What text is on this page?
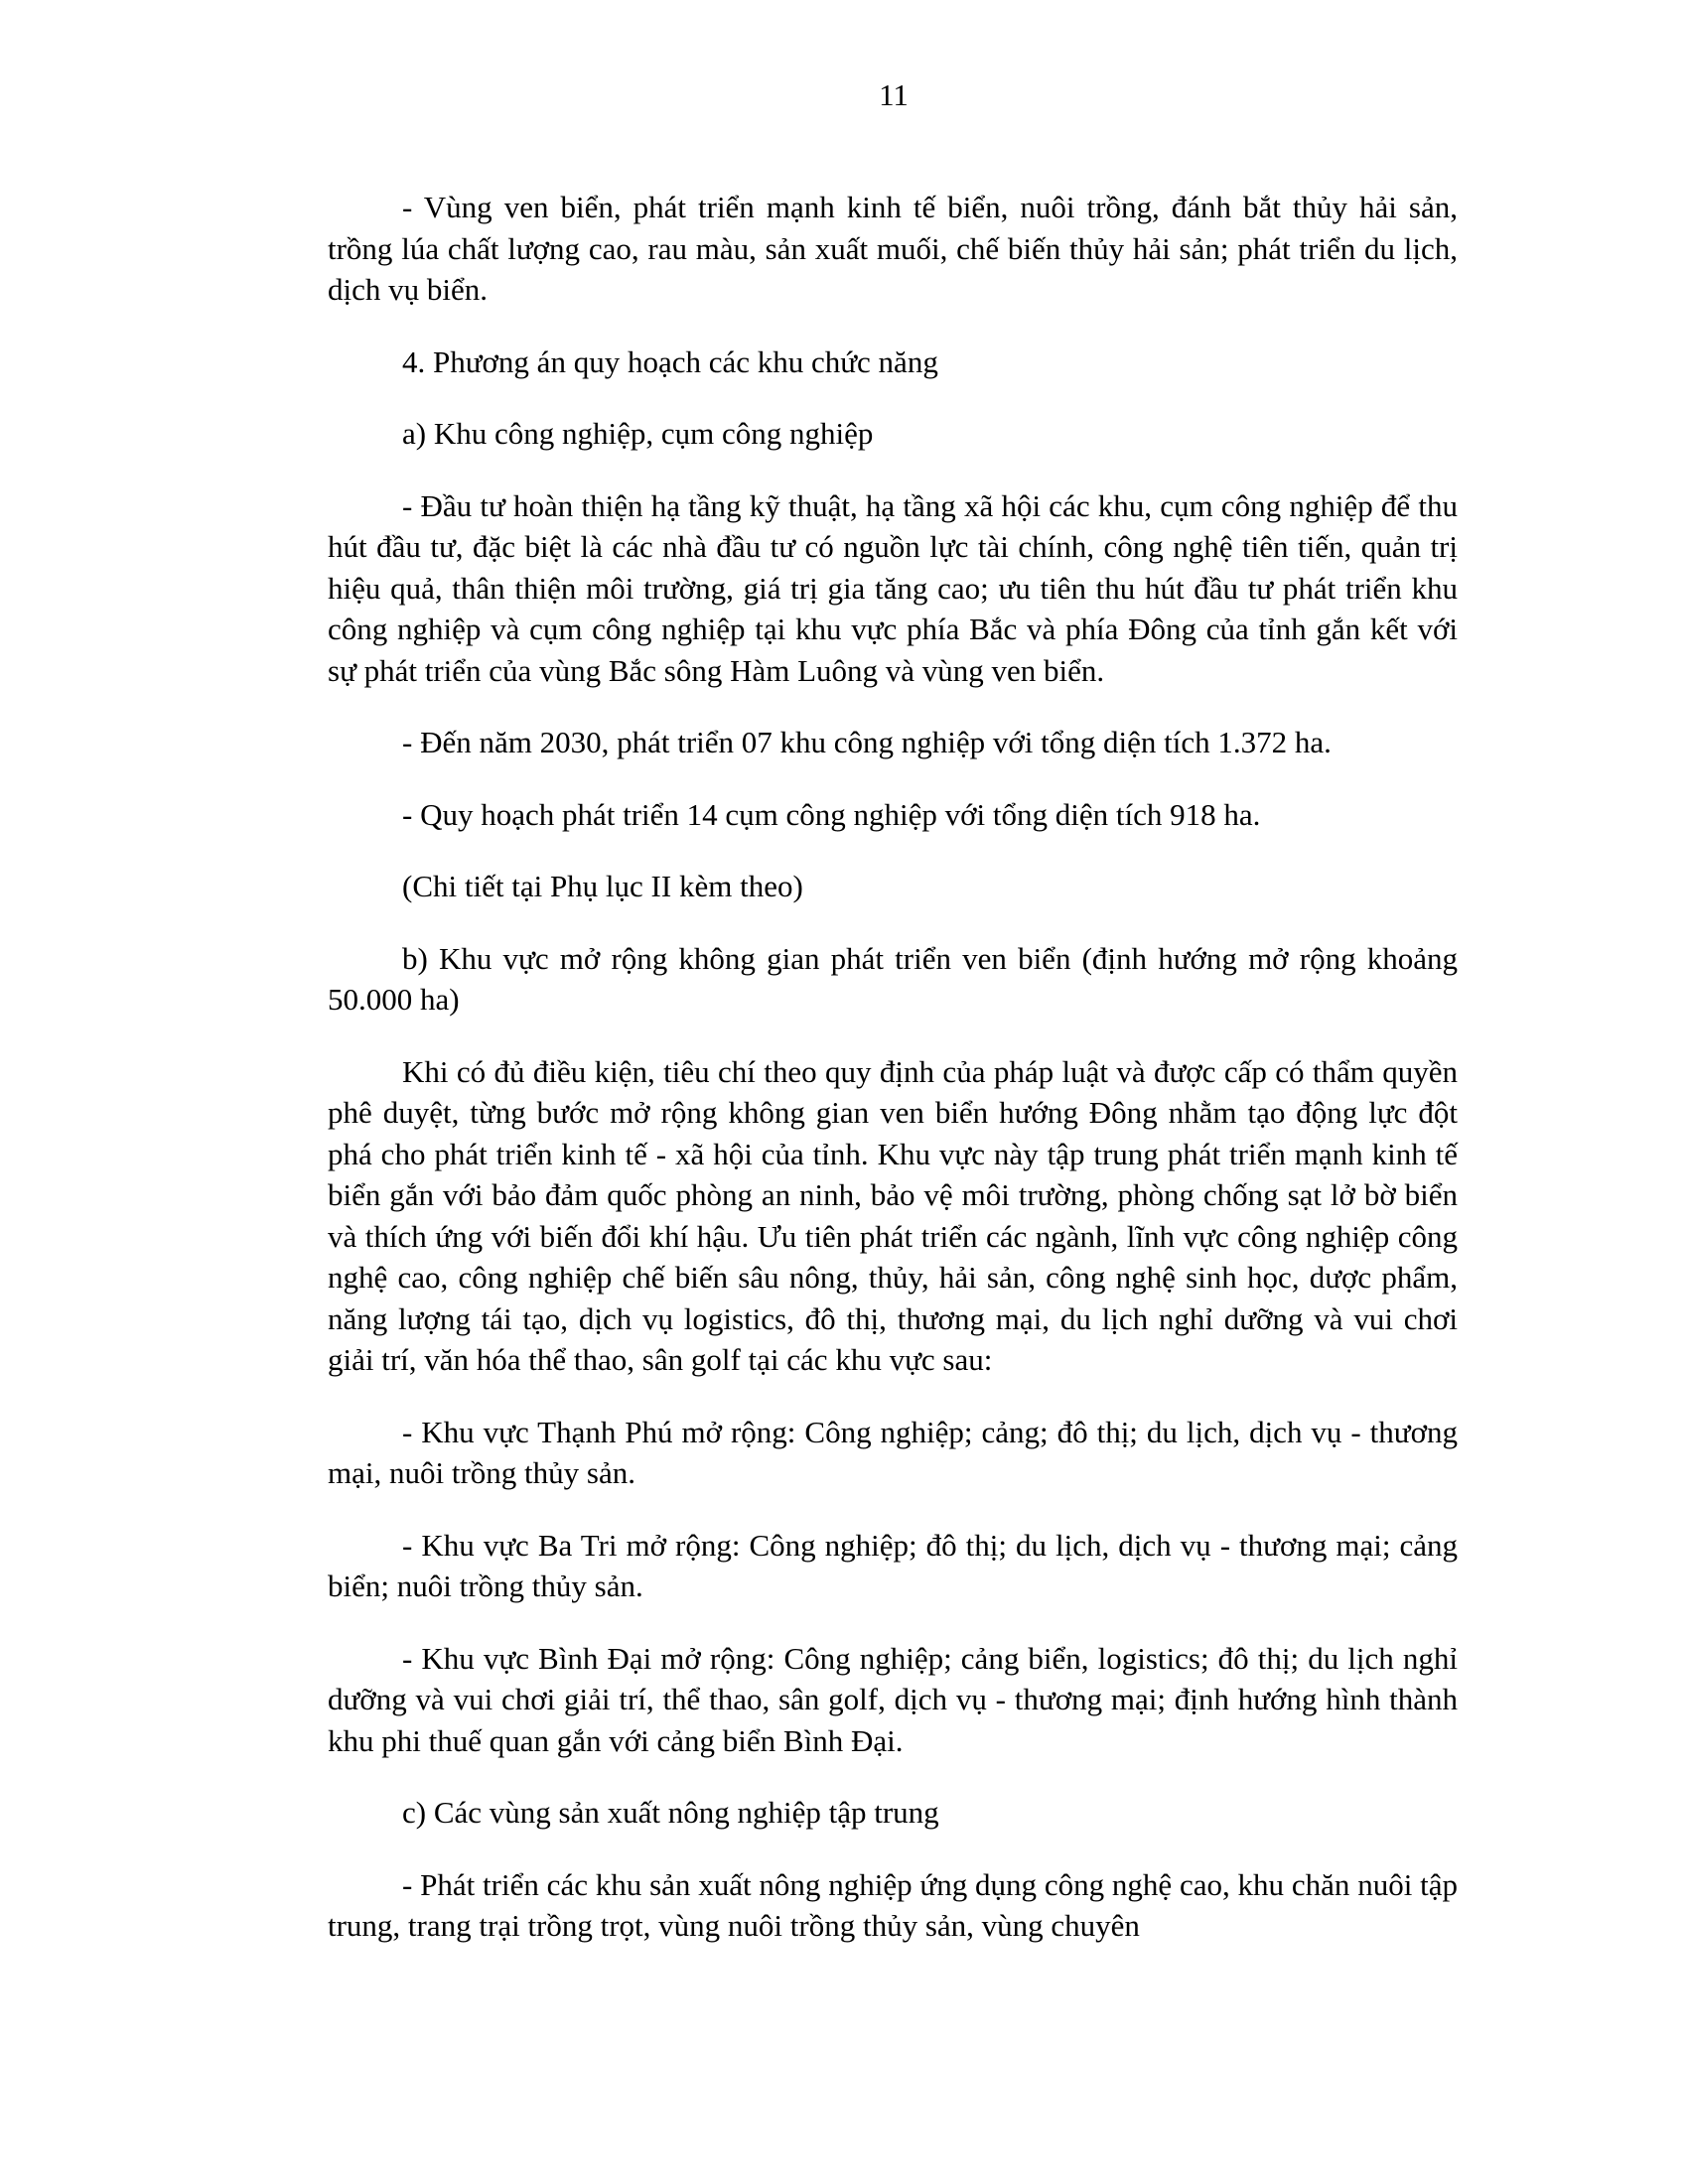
11

- Vùng ven biển, phát triển mạnh kinh tế biển, nuôi trồng, đánh bắt thủy hải sản, trồng lúa chất lượng cao, rau màu, sản xuất muối, chế biến thủy hải sản; phát triển du lịch, dịch vụ biển.

4. Phương án quy hoạch các khu chức năng

a) Khu công nghiệp, cụm công nghiệp

- Đầu tư hoàn thiện hạ tầng kỹ thuật, hạ tầng xã hội các khu, cụm công nghiệp để thu hút đầu tư, đặc biệt là các nhà đầu tư có nguồn lực tài chính, công nghệ tiên tiến, quản trị hiệu quả, thân thiện môi trường, giá trị gia tăng cao; ưu tiên thu hút đầu tư phát triển khu công nghiệp và cụm công nghiệp tại khu vực phía Bắc và phía Đông của tỉnh gắn kết với sự phát triển của vùng Bắc sông Hàm Luông và vùng ven biển.

- Đến năm 2030, phát triển 07 khu công nghiệp với tổng diện tích 1.372 ha.

- Quy hoạch phát triển 14 cụm công nghiệp với tổng diện tích 918 ha.

(Chi tiết tại Phụ lục II kèm theo)

b) Khu vực mở rộng không gian phát triển ven biển (định hướng mở rộng khoảng 50.000 ha)

Khi có đủ điều kiện, tiêu chí theo quy định của pháp luật và được cấp có thẩm quyền phê duyệt, từng bước mở rộng không gian ven biển hướng Đông nhằm tạo động lực đột phá cho phát triển kinh tế - xã hội của tỉnh. Khu vực này tập trung phát triển mạnh kinh tế biển gắn với bảo đảm quốc phòng an ninh, bảo vệ môi trường, phòng chống sạt lở bờ biển và thích ứng với biến đổi khí hậu. Ưu tiên phát triển các ngành, lĩnh vực công nghiệp công nghệ cao, công nghiệp chế biến sâu nông, thủy, hải sản, công nghệ sinh học, dược phẩm, năng lượng tái tạo, dịch vụ logistics, đô thị, thương mại, du lịch nghỉ dưỡng và vui chơi giải trí, văn hóa thể thao, sân golf tại các khu vực sau:

- Khu vực Thạnh Phú mở rộng: Công nghiệp; cảng; đô thị; du lịch, dịch vụ - thương mại, nuôi trồng thủy sản.

- Khu vực Ba Tri mở rộng: Công nghiệp; đô thị; du lịch, dịch vụ - thương mại; cảng biển; nuôi trồng thủy sản.

- Khu vực Bình Đại mở rộng: Công nghiệp; cảng biển, logistics; đô thị; du lịch nghỉ dưỡng và vui chơi giải trí, thể thao, sân golf, dịch vụ - thương mại; định hướng hình thành khu phi thuế quan gắn với cảng biển Bình Đại.

c) Các vùng sản xuất nông nghiệp tập trung

- Phát triển các khu sản xuất nông nghiệp ứng dụng công nghệ cao, khu chăn nuôi tập trung, trang trại trồng trọt, vùng nuôi trồng thủy sản, vùng chuyên
